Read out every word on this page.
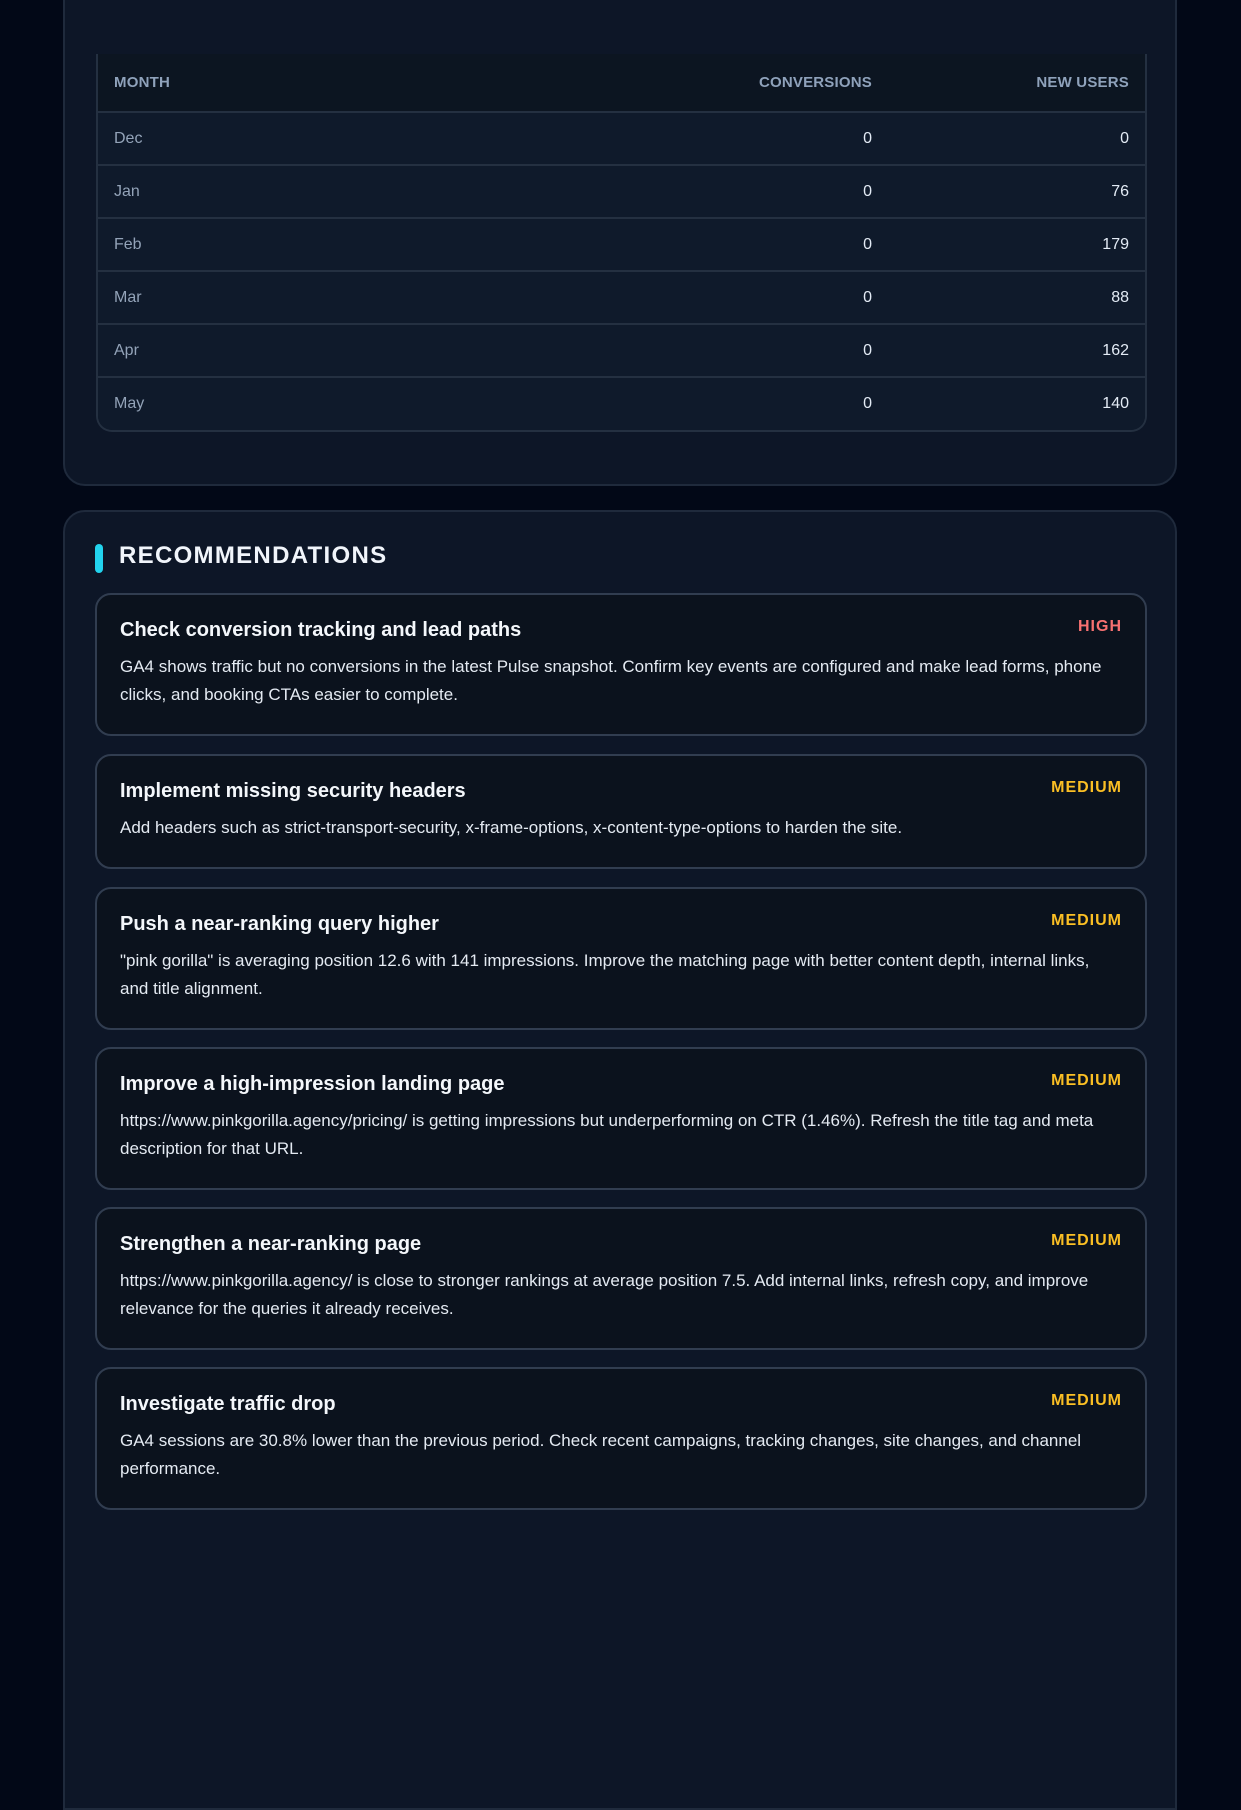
MONTH	CONVERSIONS	NEW USERS
Dec	0	0
Jan	0	76
Feb	0	179
Mar	0	88
Apr	0	162
May	0	140
RECOMMENDATIONS
Check conversion tracking and lead paths
GA4 shows traffic but no conversions in the latest Pulse snapshot. Confirm key events are configured and make lead forms, phone clicks, and booking CTAs easier to complete.
HIGH
Implement missing security headers
Add headers such as strict-transport-security, x-frame-options, x-content-type-options to harden the site.
MEDIUM
Push a near-ranking query higher
"pink gorilla" is averaging position 12.6 with 141 impressions. Improve the matching page with better content depth, internal links, and title alignment.
MEDIUM
Improve a high-impression landing page
https://www.pinkgorilla.agency/pricing/ is getting impressions but underperforming on CTR (1.46%). Refresh the title tag and meta description for that URL.
MEDIUM
Strengthen a near-ranking page
https://www.pinkgorilla.agency/ is close to stronger rankings at average position 7.5. Add internal links, refresh copy, and improve relevance for the queries it already receives.
MEDIUM
Investigate traffic drop
GA4 sessions are 30.8% lower than the previous period. Check recent campaigns, tracking changes, site changes, and channel performance.
MEDIUM
